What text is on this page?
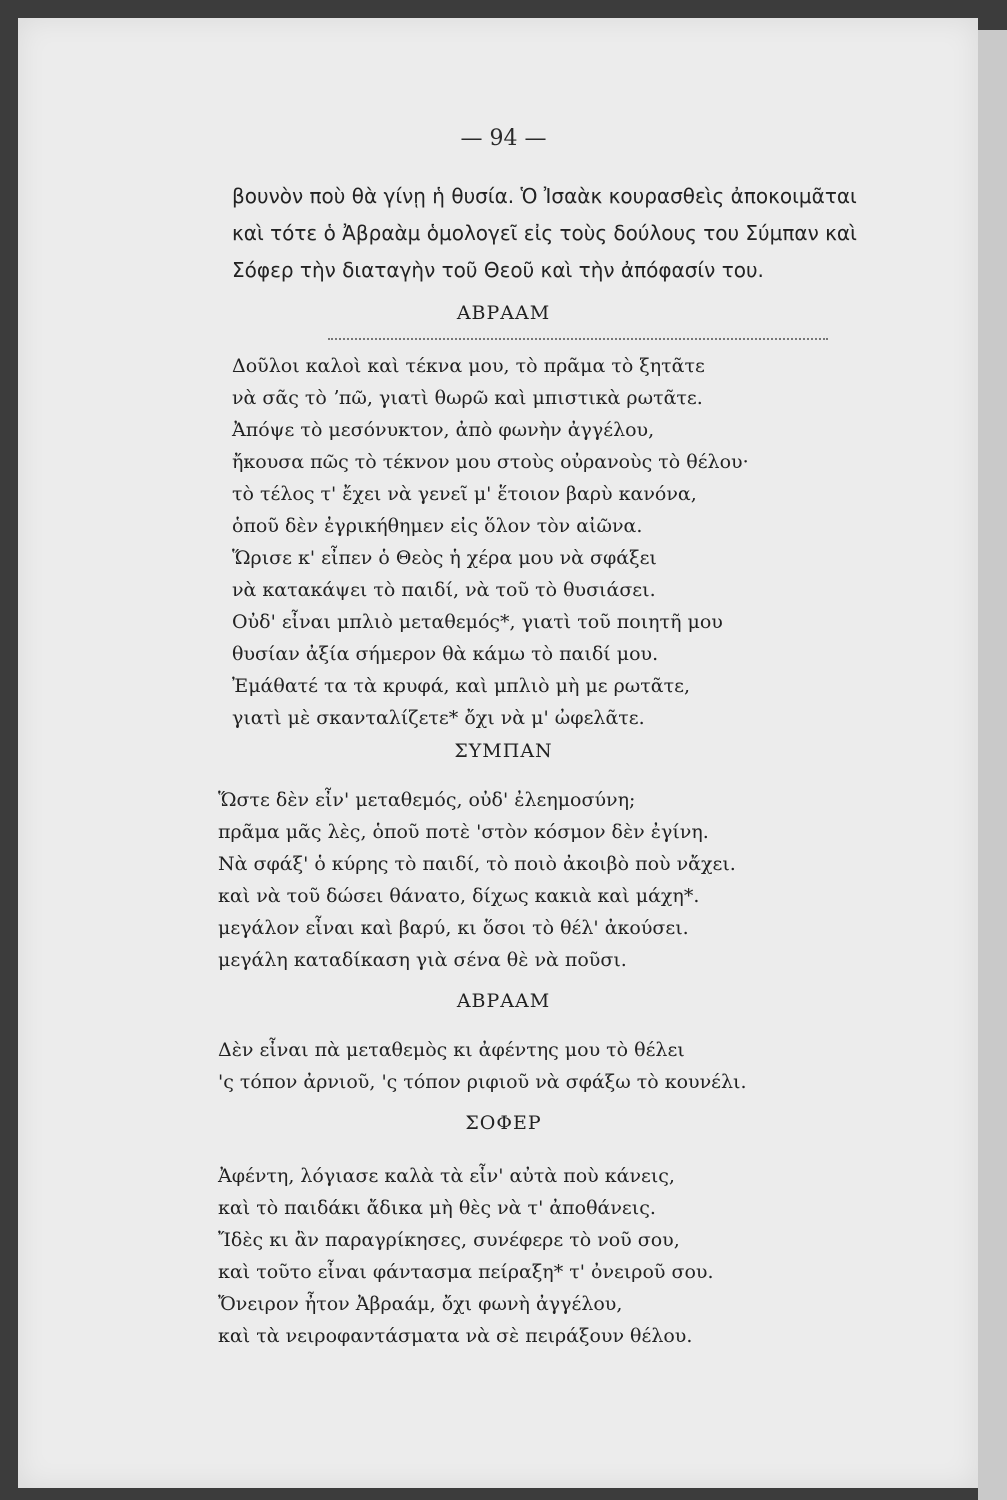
— 94 —
βουνὸν ποὺ θὰ γίνῃ ἡ θυσία. Ὁ Ἰσαὰκ κουρασθεὶς ἀποκοιμᾶται
καὶ τότε ὁ Ἀβραὰμ ὁμολογεῖ εἰς τοὺς δούλους του Σύμπαν καὶ
Σόφερ τὴν διαταγὴν τοῦ Θεοῦ καὶ τὴν ἀπόφασίν του.
ΑΒΡΑΑΜ
Δοῦλοι καλοὶ καὶ τέκνα μου, τὸ πρᾶμα τὸ ξητᾶτε
νὰ σᾶς τὸ ʼπῶ, γιατὶ θωρῶ καὶ μπιστικὰ ρωτᾶτε.
Ἀπόψε τὸ μεσόνυκτον, ἀπὸ φωνὴν ἀγγέλου,
ἤκουσα πῶς τὸ τέκνον μου στοὺς οὐρανοὺς τὸ θέλου·
τὸ τέλος τ' ἔχει νὰ γενεῖ μ' ἕτοιον βαρὺ κανόνα,
ὁποῦ δὲν ἐγρικήθημεν εἰς ὅλον τὸν αἰῶνα.
Ὥρισε κ' εἶπεν ὁ Θεὸς ἡ χέρα μου νὰ σφάξει
νὰ κατακάψει τὸ παιδί, νὰ τοῦ τὸ θυσιάσει.
Οὐδ' εἶναι μπλιὸ μεταθεμός*, γιατὶ τοῦ ποιητῆ μου
θυσίαν ἀξία σήμερον θὰ κάμω τὸ παιδί μου.
Ἐμάθατέ τα τὰ κρυφά, καὶ μπλιὸ μὴ με ρωτᾶτε,
γιατὶ μὲ σκανταλίζετε* ὄχι νὰ μ' ὠφελᾶτε.
ΣΥΜΠΑΝ
Ὥστε δὲν εἶν' μεταθεμός, οὐδ' ἐλεημοσύνη;
πρᾶμα μᾶς λὲς, ὁποῦ ποτὲ 'στὸν κόσμον δὲν ἐγίνη.
Νὰ σφάξ' ὁ κύρης τὸ παιδί, τὸ ποιὸ ἀκοιβὸ ποὺ νἄχει.
καὶ νὰ τοῦ δώσει θάνατο, δίχως κακιὰ καὶ μάχη*.
μεγάλον εἶναι καὶ βαρύ, κι ὅσοι τὸ θέλ' ἀκούσει.
μεγάλη καταδίκαση γιὰ σένα θὲ νὰ ποῦσι.
ΑΒΡΑΑΜ
Δὲν εἶναι πὰ μεταθεμὸς κι ἀφέντης μου τὸ θέλει
'ς τόπον ἀρνιοῦ, 'ς τόπον ριφιοῦ νὰ σφάξω τὸ κουνέλι.
ΣΟΦΕΡ
Ἀφέντη, λόγιασε καλὰ τὰ εἶν' αὐτὰ ποὺ κάνεις,
καὶ τὸ παιδάκι ἄδικα μὴ θὲς νὰ τ' ἀποθάνεις.
Ἴδὲς κι ἂν παραγρίκησες, συνέφερε τὸ νοῦ σου,
καὶ τοῦτο εἶναι φάντασμα πείραξη* τ' ὀνειροῦ σου.
Ὄνειρον ἦτον Ἀβραάμ, ὄχι φωνὴ ἀγγέλου,
καὶ τὰ νειροφαντάσματα νὰ σὲ πειράξουν θέλου.
